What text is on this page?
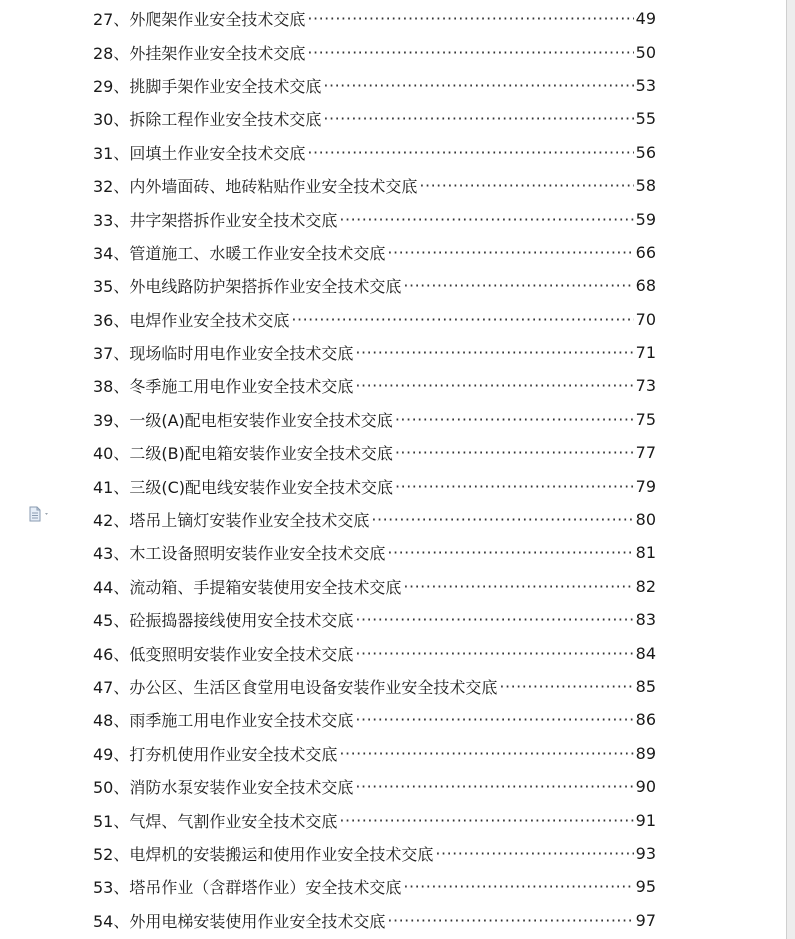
27、 外爬架作业安全技术交底 ·····	49
28、 外挂架作业安全技术交底 ·····	50
29、 挑脚手架作业安全技术交底 ·····	53
30、 拆除工程作业安全技术交底 ·····	55
31、 回填土作业安全技术交底 ·····	56
32、 内外墙面砖、地砖粘贴作业安全技术交底 ·····	58
33、 井字架搭拆作业安全技术交底 ·····	59
34、 管道施工、水暖工作业安全技术交底 ·····	66
35、 外电线路防护架搭拆作业安全技术交底 ·····	68
36、 电焊作业安全技术交底 ·····	70
37、 现场临时用电作业安全技术交底 ·····	71
38、 冬季施工用电作业安全技术交底 ·····	73
39、 一级(A)配电柜安装作业安全技术交底 ·····	75
40、 二级(B)配电箱安装作业安全技术交底 ·····	77
41、 三级(C)配电线安装作业安全技术交底 ·····	79
42、 塔吊上镝灯安装作业安全技术交底 ·····	80
43、 木工设备照明安装作业安全技术交底 ·····	81
44、 流动箱、手提箱安装使用安全技术交底 ·····	82
45、 砼振捣器接线使用安全技术交底 ·····	83
46、 低变照明安装作业安全技术交底 ·····	84
47、 办公区、生活区食堂用电设备安装作业安全技术交底 ·····	85
48、 雨季施工用电作业安全技术交底 ·····	86
49、 打夯机使用作业安全技术交底 ·····	89
50、 消防水泵安装作业安全技术交底 ·····	90
51、 气焊、气割作业安全技术交底 ·····	91
52、 电焊机的安装搬运和使用作业安全技术交底 ·····	93
53、 塔吊作业（含群塔作业）安全技术交底 ·····	95
54、 外用电梯安装使用作业安全技术交底 ·····	97
